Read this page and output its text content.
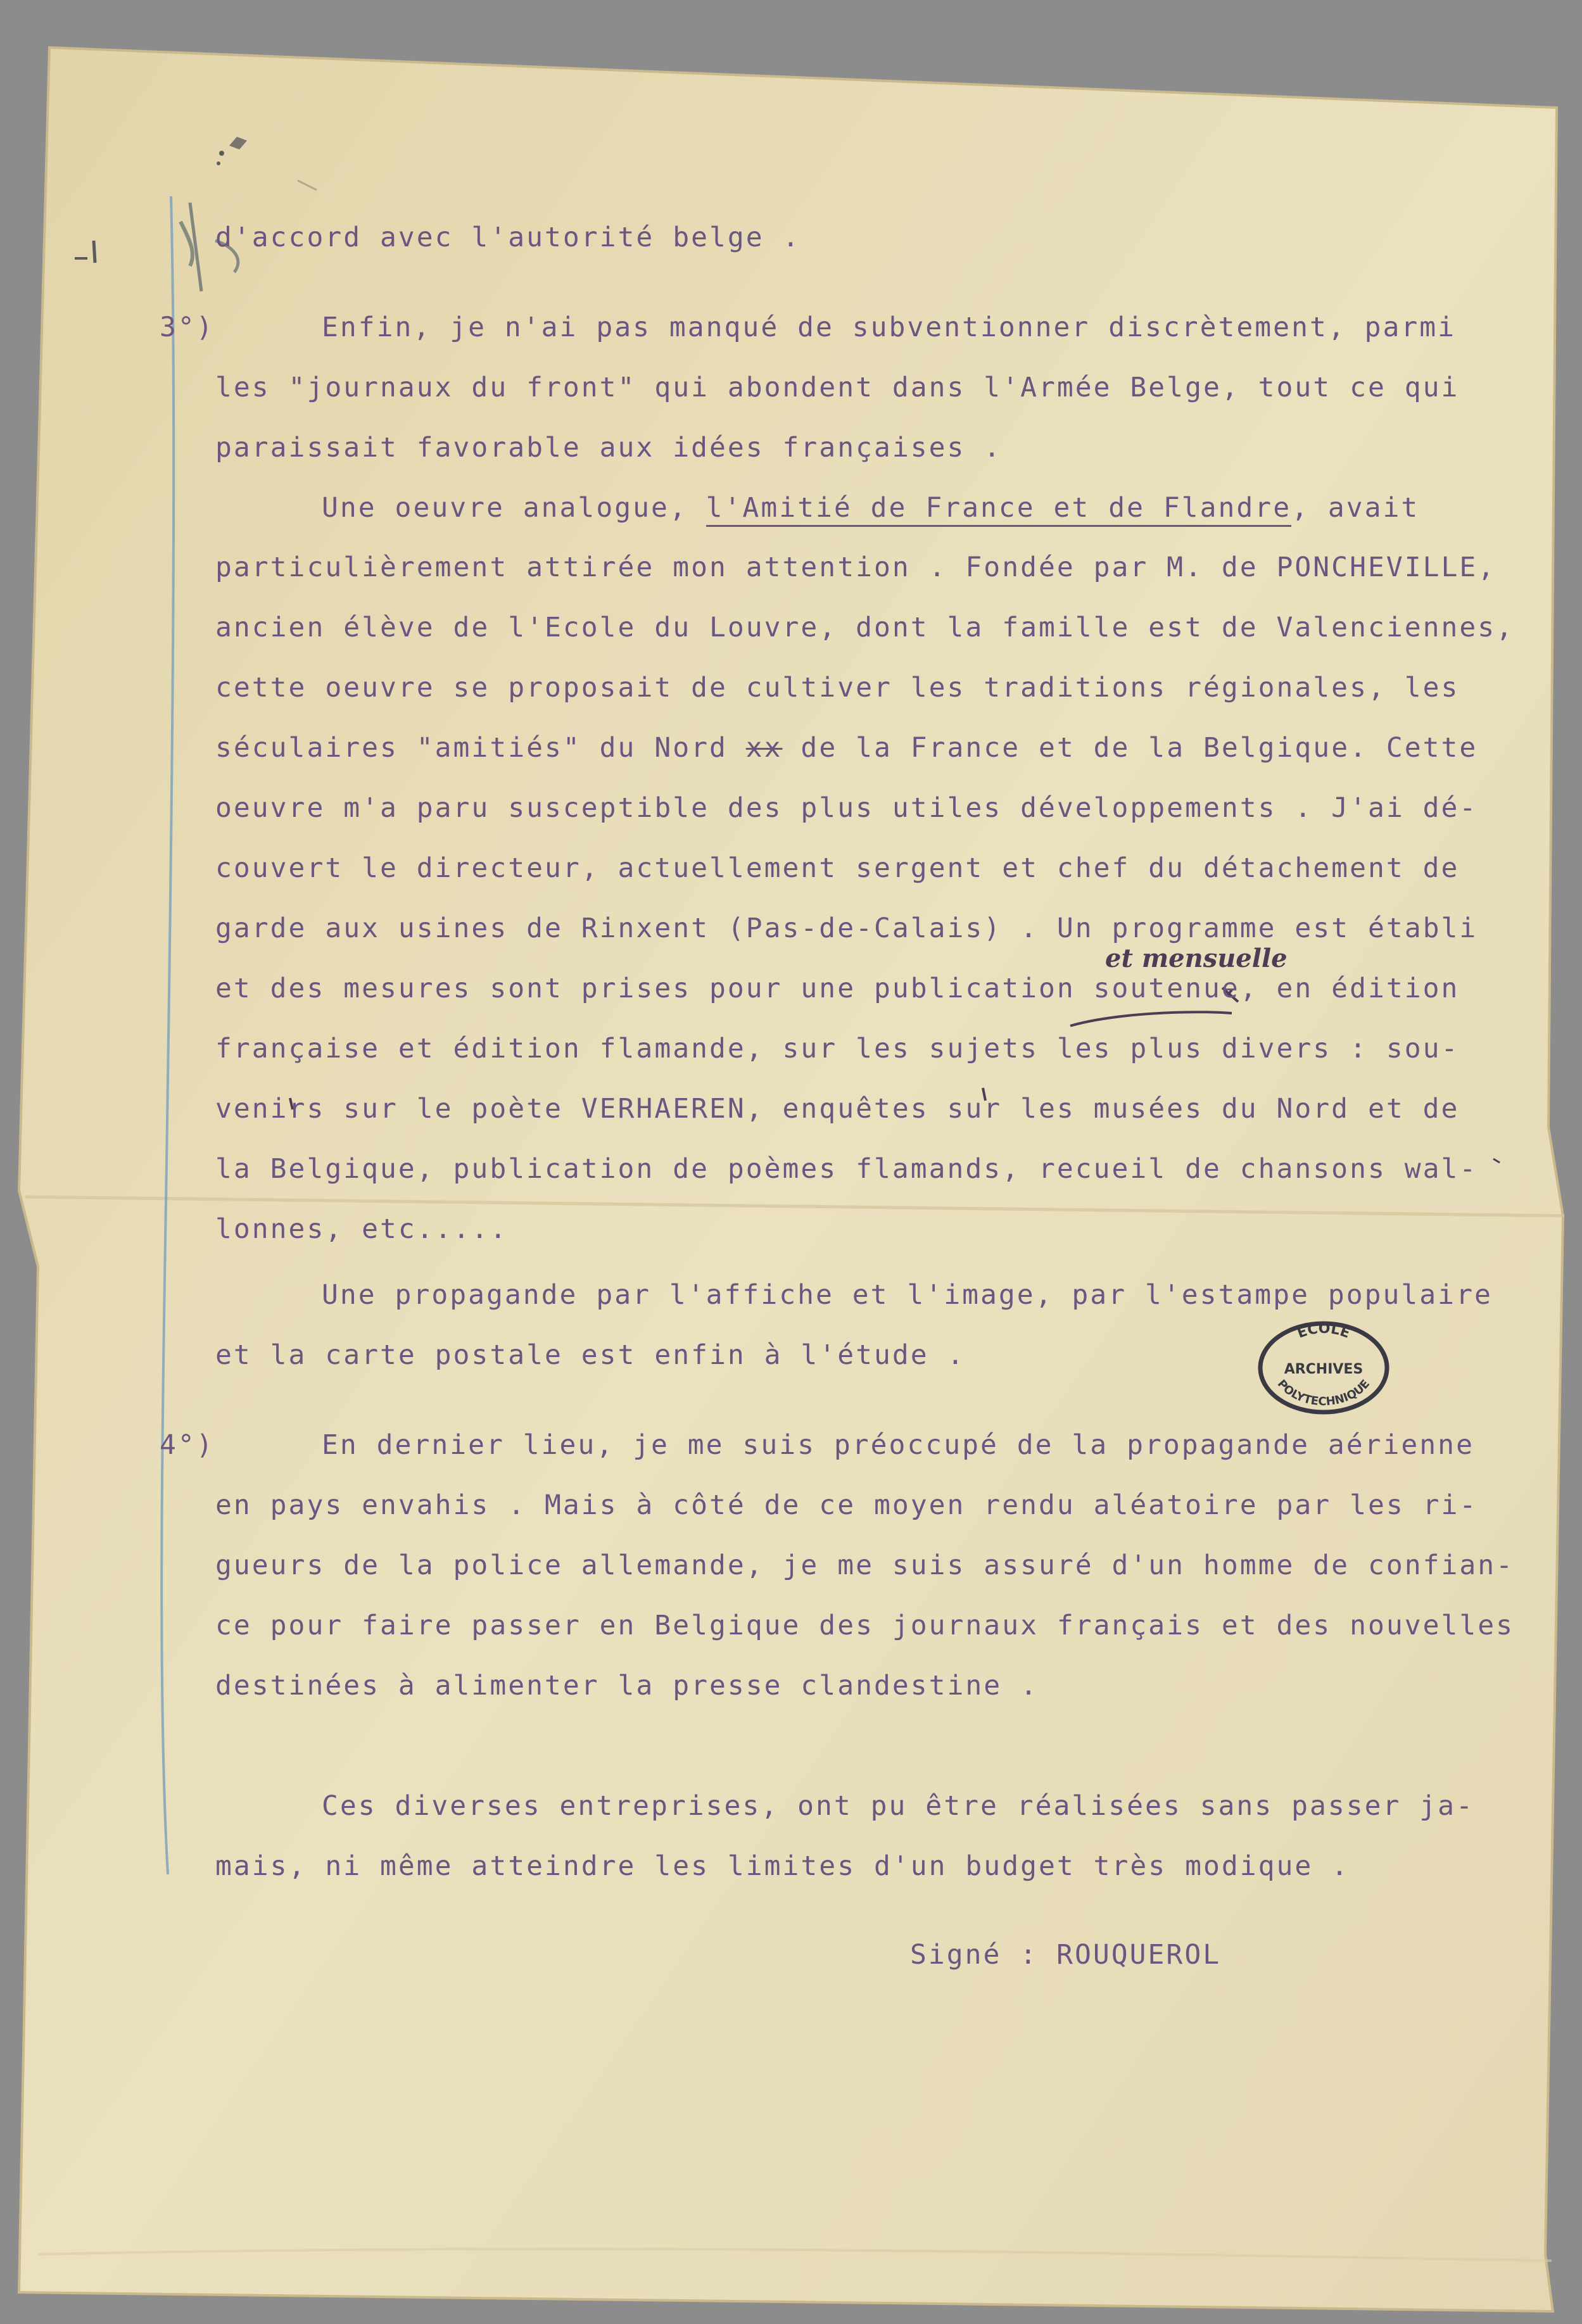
d'accord avec l'autorité belge .

3°)

	Enfin, je n'ai pas manqué de subventionner discrètement, parmi

les "journaux du front" qui abondent dans l'Armée Belge, tout ce qui

paraissait favorable aux idées françaises .

Une oeuvre analogue, l'Amitié de France et de Flandre, avait

particulièrement attirée mon attention . Fondée par M. de PONCHEVILLE,

ancien élève de l'Ecole du Louvre, dont la famille est de Valenciennes,

cette oeuvre se proposait de cultiver les traditions régionales, les

séculaires "amitiés" du Nord xx de la France et de la Belgique. Cette

oeuvre m'a paru susceptible des plus utiles développements . J'ai dé-

couvert le directeur, actuellement sergent et chef du détachement de

garde aux usines de Rinxent (Pas-de-Calais) . Un programme est établi

et des mesures sont prises pour une publication soutenue, en édition

française et édition flamande, sur les sujets les plus divers : sou-

venirs sur le poète VERHAEREN, enquêtes sur les musées du Nord et de

la Belgique, publication de poèmes flamands, recueil de chansons wal-

lonnes, etc.....

Une propagande par l'affiche et l'image, par l'estampe populaire

et la carte postale est enfin à l'étude .

4°)

	En dernier lieu, je me suis préoccupé de la propagande aérienne

en pays envahis . Mais à côté de ce moyen rendu aléatoire par les ri-

gueurs de la police allemande, je me suis assuré d'un homme de confian-

ce pour faire passer en Belgique des journaux français et des nouvelles

destinées à alimenter la presse clandestine .

Ces diverses entreprises, ont pu être réalisées sans passer ja-

mais, ni même atteindre les limites d'un budget très modique .

Signé : ROUQUEROL

et mensuelle
ECOLE
ARCHIVES
POLYTECHNIQUE
